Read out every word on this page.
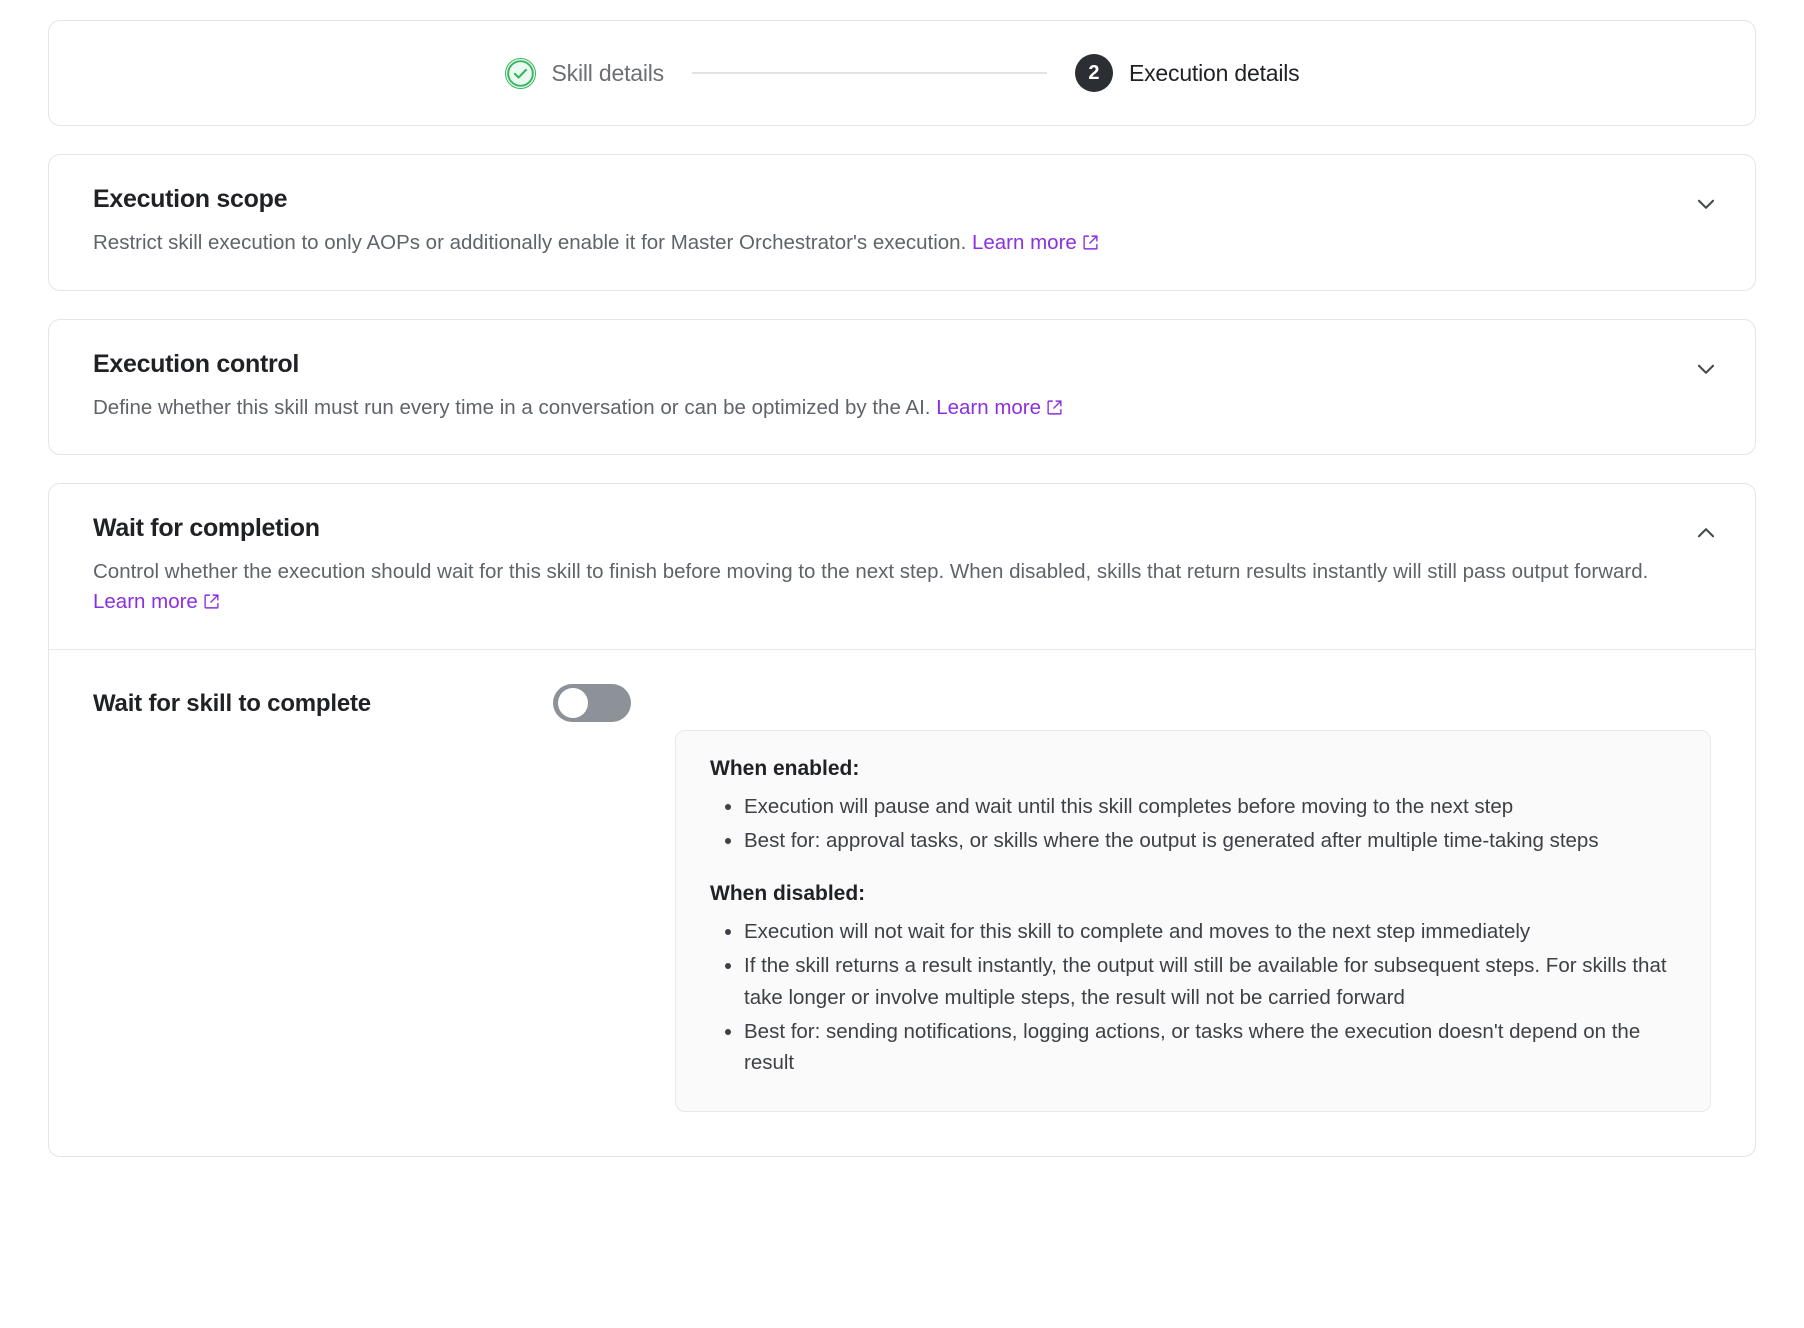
Skill details	2	Execution details
Execution scope

Restrict skill execution to only AOPs or additionally enable it for Master Orchestrator's execution. Learn more

Execution control

Define whether this skill must run every time in a conversation or can be optimized by the AI. Learn more

Wait for completion

Control whether the execution should wait for this skill to finish before moving to the next step. When disabled, skills that return results instantly will still pass output forward. Learn more

Wait for skill to complete

When enabled:

• Execution will pause and wait until this skill completes before moving to the next step
• Best for: approval tasks, or skills where the output is generated after multiple time-taking steps

When disabled:

• Execution will not wait for this skill to complete and moves to the next step immediately
• If the skill returns a result instantly, the output will still be available for subsequent steps. For skills that take longer or involve multiple steps, the result will not be carried forward
• Best for: sending notifications, logging actions, or tasks where the execution doesn't depend on the result
